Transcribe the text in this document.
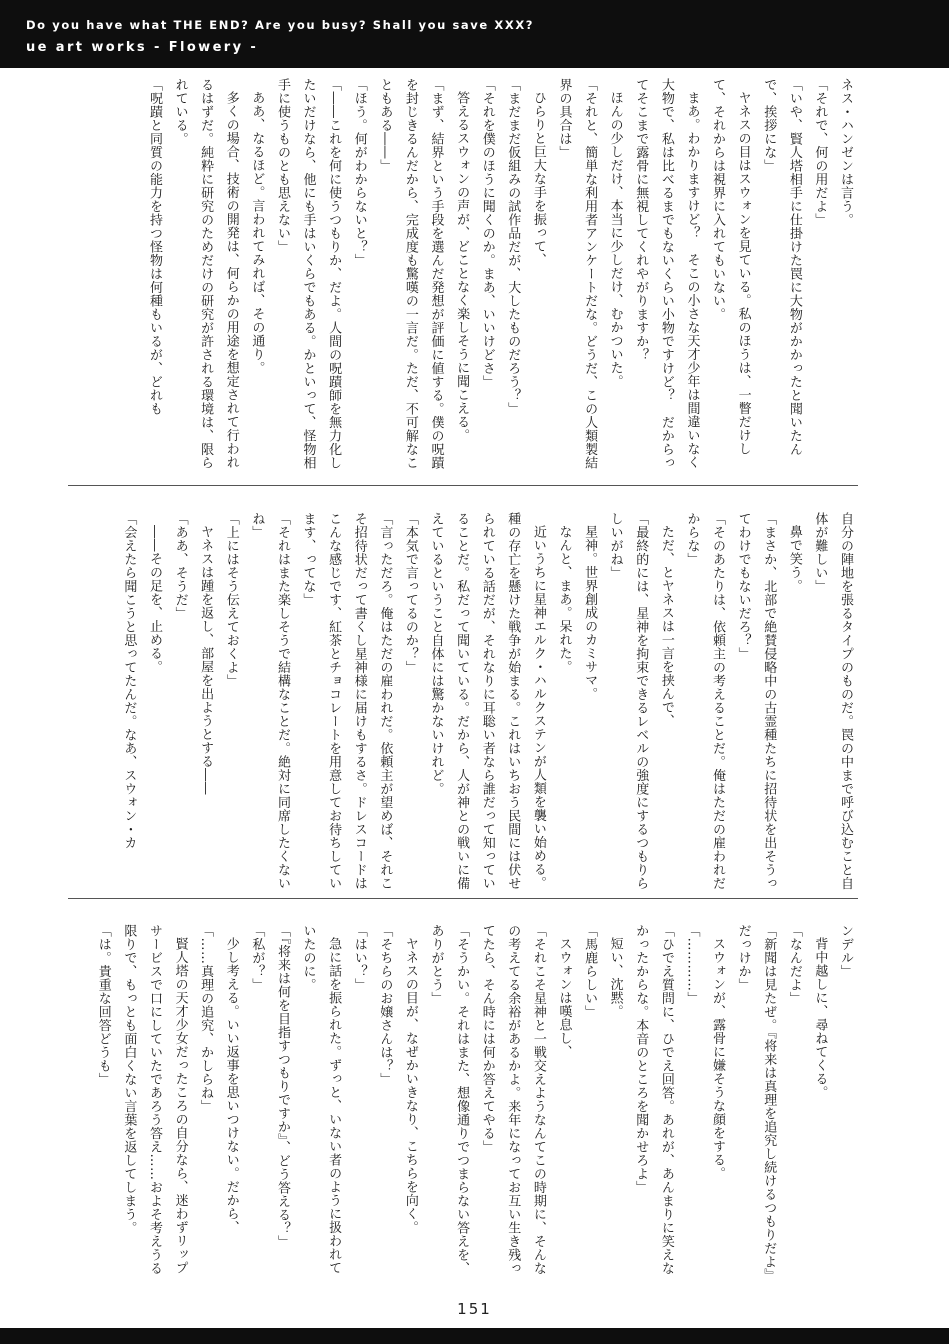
Do you have what THE END? Are you busy? Shall you save XXX?
ue art works - Flowery -

ネス・ハンゼンは言う。

「それで、何の用だよ」

「いや、賢人塔相手に仕掛けた罠に大物がかかったと聞いたんで、挨拶にな」

ヤネスの目はスウォンを見ている。私のほうは、一瞥だけして、それからは視界に入れてもいない。

まあ。わかりますけど？　そこの小さな天才少年は間違いなく大物で、私は比べるまでもないくらい小物ですけど？　だからってそこまで露骨に無視してくれやがりますか？

ほんの少しだけ、本当に少しだけ、むかついた。

「それと、簡単な利用者アンケートだな。どうだ、この人類製結界の具合は」

ひらりと巨大な手を振って、

「まだまだ仮組みの試作品だが、大したものだろう？」

「それを僕のほうに聞くのか。まあ、いいけどさ」

答えるスウォンの声が、どことなく楽しそうに聞こえる。

「まず、結界という手段を選んだ発想が評価に値する。僕の呪蹟を封じきるんだから、完成度も驚嘆の一言だ。ただ、不可解なこともある――」

「ほう。何がわからないと？」

「――これを何に使うつもりか、だよ。人間の呪蹟師を無力化したいだけなら、他にも手はいくらでもある。かといって、怪物相手に使うものとも思えない」

ああ、なるほど。言われてみれば、その通り。

多くの場合、技術の開発は、何らかの用途を想定されて行われるはずだ。純粋に研究のためだけの研究が許される環境は、限られている。

「呪蹟と同質の能力を持つ怪物は何種もいるが、どれも

自分の陣地を張るタイプのものだ。罠の中まで呼び込むこと自体が難しい」

鼻で笑う。

「まさか、北部で絶賛侵略中の古霊種たちに招待状を出そうってわけでもないだろ？」

「そのあたりは、依頼主の考えることだ。俺はただの雇われだからな」

ただ、とヤネスは一言を挟んで、

「最終的には、星神を拘束できるレベルの強度にするつもりらしいがね」

星神。世界創成のカミサマ。

なんと、まあ。呆れた。

近いうちに星神エルク・ハルクステンが人類を襲い始める。種の存亡を懸けた戦争が始まる。これはいちおう民間には伏せられている話だが、それなりに耳聡い者なら誰だって知っていることだ。私だって聞いている。だから、人が神との戦いに備えているということ自体には驚かないけれど。

「本気で言ってるのか？」

「言っただろ。俺はただの雇われだ。依頼主が望めば、それこそ招待状だって書くし星神様に届けもするさ。ドレスコードはこんな感じです、紅茶とチョコレートを用意してお待ちしています、ってな」

「それはまた楽しそうで結構なことだ。絶対に同席したくないね」

「上にはそう伝えておくよ」

ヤネスは踵を返し、部屋を出ようとする――

「ああ、そうだ」

――その足を、止める。

「会えたら聞こうと思ってたんだ。なあ、スウォン・カ

ンデル」

背中越しに、尋ねてくる。

「なんだよ」

「新聞は見たぜ。『将来は真理を追究し続けるつもりだよ』だっけか」

スウォンが、露骨に嫌そうな顔をする。

「…………」

「ひでえ質問に、ひでえ回答。あれが、あんまりに笑えなかったからな。本音のところを聞かせろよ」

短い、沈黙。

「馬鹿らしい」

スウォンは嘆息し、

「それこそ星神と一戦交えようなんてこの時期に、そんなの考えてる余裕があるかよ。来年になってお互い生き残ってたら、そん時には何か答えてやる」

「そうかい。それはまた、想像通りでつまらない答えを、ありがとう」

ヤネスの目が、なぜかいきなり、こちらを向く。

「そちらのお嬢さんは？」

「はい？」

急に話を振られた。ずっと、いない者のように扱われていたのに。

「『将来は何を目指すつもりですか』、どう答える？」

「私が？」

少し考える。いい返事を思いつけない。だから、

「……真理の追究、かしらね」

賢人塔の天才少女だったころの自分なら、迷わずリップサービスで口にしていたであろう答え……およそ考えうる限りで、もっとも面白くない言葉を返してしまう。

「は。貴重な回答どうも」

151
